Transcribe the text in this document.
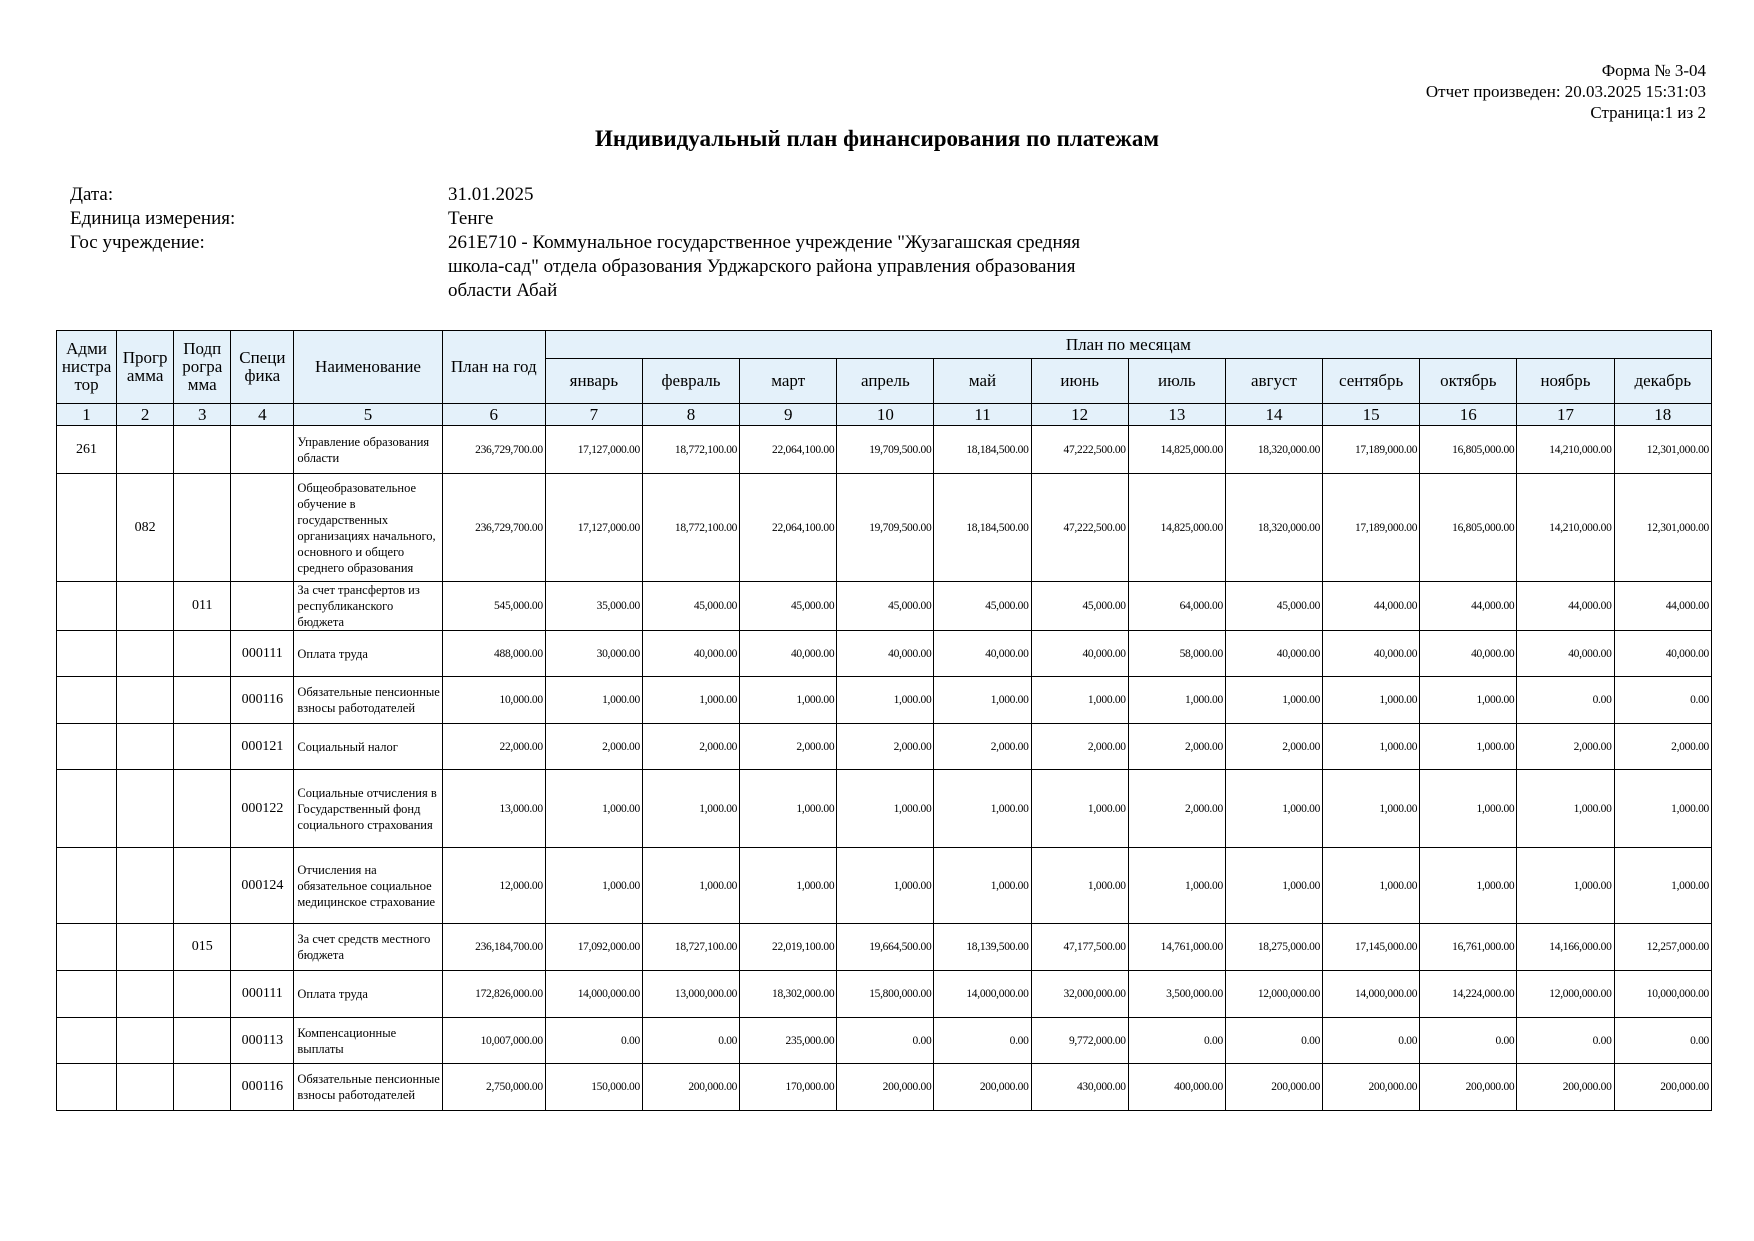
Форма № 3-04
Отчет произведен: 20.03.2025 15:31:03
Страница:1 из 2
Индивидуальный план финансирования по платежам
Дата:	31.01.2025
Единица измерения:	Тенге
Гос учреждение:	261E710 - Коммунальное государственное учреждение "Жузагашская средняя
школа-сад" отдела образования Урджарского района управления образования
области Абай
Адми нистра тор	Прогр амма	Подп рогра мма	Специ фика	Наименование	План на год	План по месяцам											
						январь	февраль	март	апрель	май	июнь	июль	август	сентябрь	октябрь	ноябрь	декабрь
1	2	3	4	5	6	7	8	9	10	11	12	13	14	15	16	17	18
261				Управление образования области	236,729,700.00	17,127,000.00	18,772,100.00	22,064,100.00	19,709,500.00	18,184,500.00	47,222,500.00	14,825,000.00	18,320,000.00	17,189,000.00	16,805,000.00	14,210,000.00	12,301,000.00
	082			Общеобразовательное обучение в государственных организациях начального, основного и общего среднего образования	236,729,700.00	17,127,000.00	18,772,100.00	22,064,100.00	19,709,500.00	18,184,500.00	47,222,500.00	14,825,000.00	18,320,000.00	17,189,000.00	16,805,000.00	14,210,000.00	12,301,000.00
		011		За счет трансфертов из республиканского бюджета	545,000.00	35,000.00	45,000.00	45,000.00	45,000.00	45,000.00	45,000.00	64,000.00	45,000.00	44,000.00	44,000.00	44,000.00	44,000.00
			000111	Оплата труда	488,000.00	30,000.00	40,000.00	40,000.00	40,000.00	40,000.00	40,000.00	58,000.00	40,000.00	40,000.00	40,000.00	40,000.00	40,000.00
			000116	Обязательные пенсионные взносы работодателей	10,000.00	1,000.00	1,000.00	1,000.00	1,000.00	1,000.00	1,000.00	1,000.00	1,000.00	1,000.00	1,000.00	0.00	0.00
			000121	Социальный налог	22,000.00	2,000.00	2,000.00	2,000.00	2,000.00	2,000.00	2,000.00	2,000.00	2,000.00	1,000.00	1,000.00	2,000.00	2,000.00
			000122	Социальные отчисления в Государственный фонд социального страхования	13,000.00	1,000.00	1,000.00	1,000.00	1,000.00	1,000.00	1,000.00	2,000.00	1,000.00	1,000.00	1,000.00	1,000.00	1,000.00
			000124	Отчисления на обязательное социальное медицинское страхование	12,000.00	1,000.00	1,000.00	1,000.00	1,000.00	1,000.00	1,000.00	1,000.00	1,000.00	1,000.00	1,000.00	1,000.00	1,000.00
		015		За счет средств местного бюджета	236,184,700.00	17,092,000.00	18,727,100.00	22,019,100.00	19,664,500.00	18,139,500.00	47,177,500.00	14,761,000.00	18,275,000.00	17,145,000.00	16,761,000.00	14,166,000.00	12,257,000.00
			000111	Оплата труда	172,826,000.00	14,000,000.00	13,000,000.00	18,302,000.00	15,800,000.00	14,000,000.00	32,000,000.00	3,500,000.00	12,000,000.00	14,000,000.00	14,224,000.00	12,000,000.00	10,000,000.00
			000113	Компенсационные выплаты	10,007,000.00	0.00	0.00	235,000.00	0.00	0.00	9,772,000.00	0.00	0.00	0.00	0.00	0.00	0.00
			000116	Обязательные пенсионные взносы работодателей	2,750,000.00	150,000.00	200,000.00	170,000.00	200,000.00	200,000.00	430,000.00	400,000.00	200,000.00	200,000.00	200,000.00	200,000.00	200,000.00
